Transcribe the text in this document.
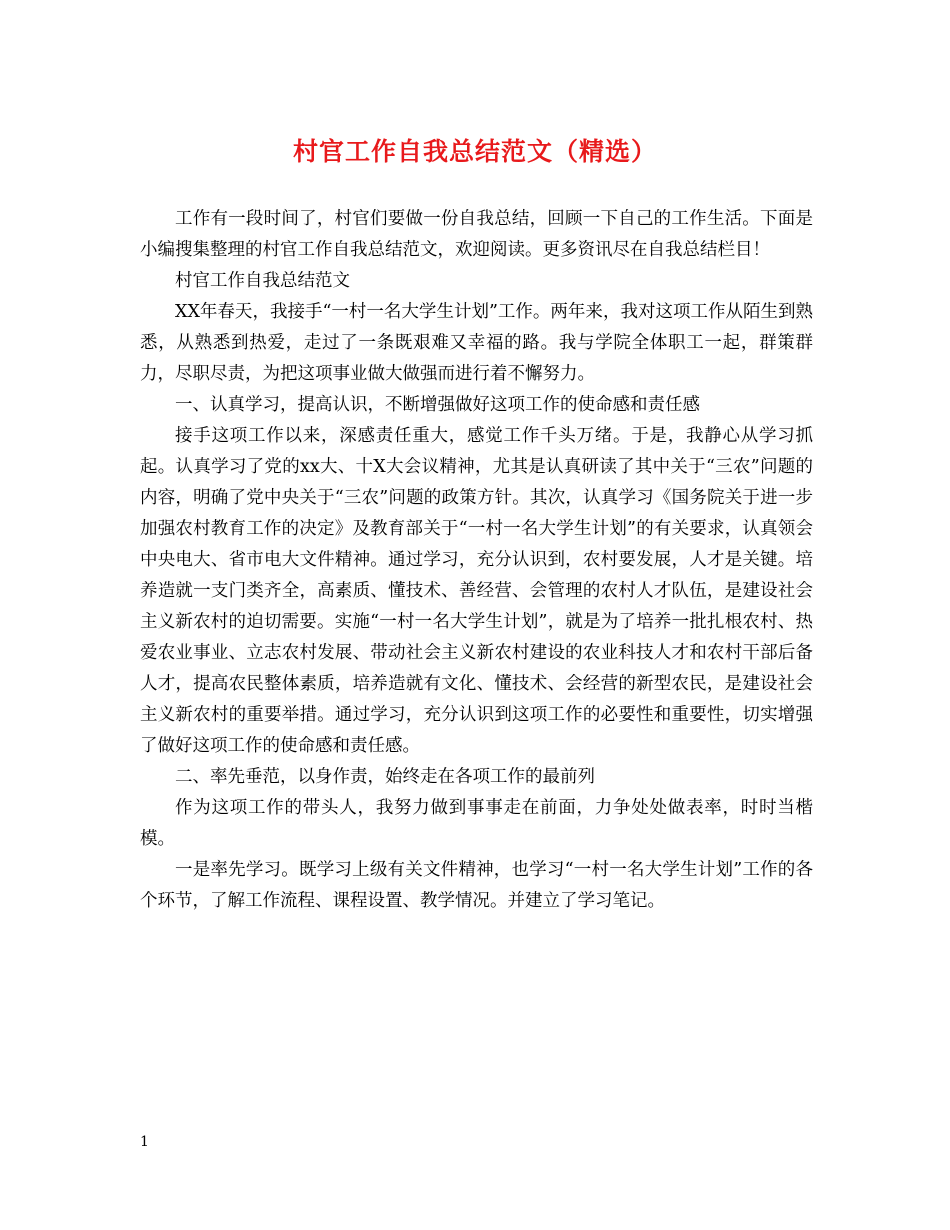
村官工作自我总结范文（精选）

工作有一段时间了，村官们要做一份自我总结，回顾一下自己的工作生活。下面是小编搜集整理的村官工作自我总结范文，欢迎阅读。更多资讯尽在自我总结栏目！

村官工作自我总结范文

XX年春天，我接手“一村一名大学生计划”工作。两年来，我对这项工作从陌生到熟悉，从熟悉到热爱，走过了一条既艰难又幸福的路。我与学院全体职工一起，群策群力，尽职尽责，为把这项事业做大做强而进行着不懈努力。

一、认真学习，提高认识，不断增强做好这项工作的使命感和责任感

接手这项工作以来，深感责任重大，感觉工作千头万绪。于是，我静心从学习抓起。认真学习了党的xx大、十X大会议精神，尤其是认真研读了其中关于“三农”问题的内容，明确了党中央关于“三农”问题的政策方针。其次，认真学习《国务院关于进一步加强农村教育工作的决定》及教育部关于“一村一名大学生计划”的有关要求，认真领会中央电大、省市电大文件精神。通过学习，充分认识到，农村要发展，人才是关键。培养造就一支门类齐全，高素质、懂技术、善经营、会管理的农村人才队伍，是建设社会主义新农村的迫切需要。实施“一村一名大学生计划”，就是为了培养一批扎根农村、热爱农业事业、立志农村发展、带动社会主义新农村建设的农业科技人才和农村干部后备人才，提高农民整体素质，培养造就有文化、懂技术、会经营的新型农民，是建设社会主义新农村的重要举措。通过学习，充分认识到这项工作的必要性和重要性，切实增强了做好这项工作的使命感和责任感。

二、率先垂范，以身作责，始终走在各项工作的最前列

作为这项工作的带头人，我努力做到事事走在前面，力争处处做表率，时时当楷模。

一是率先学习。既学习上级有关文件精神，也学习“一村一名大学生计划”工作的各个环节，了解工作流程、课程设置、教学情况。并建立了学习笔记。

1
